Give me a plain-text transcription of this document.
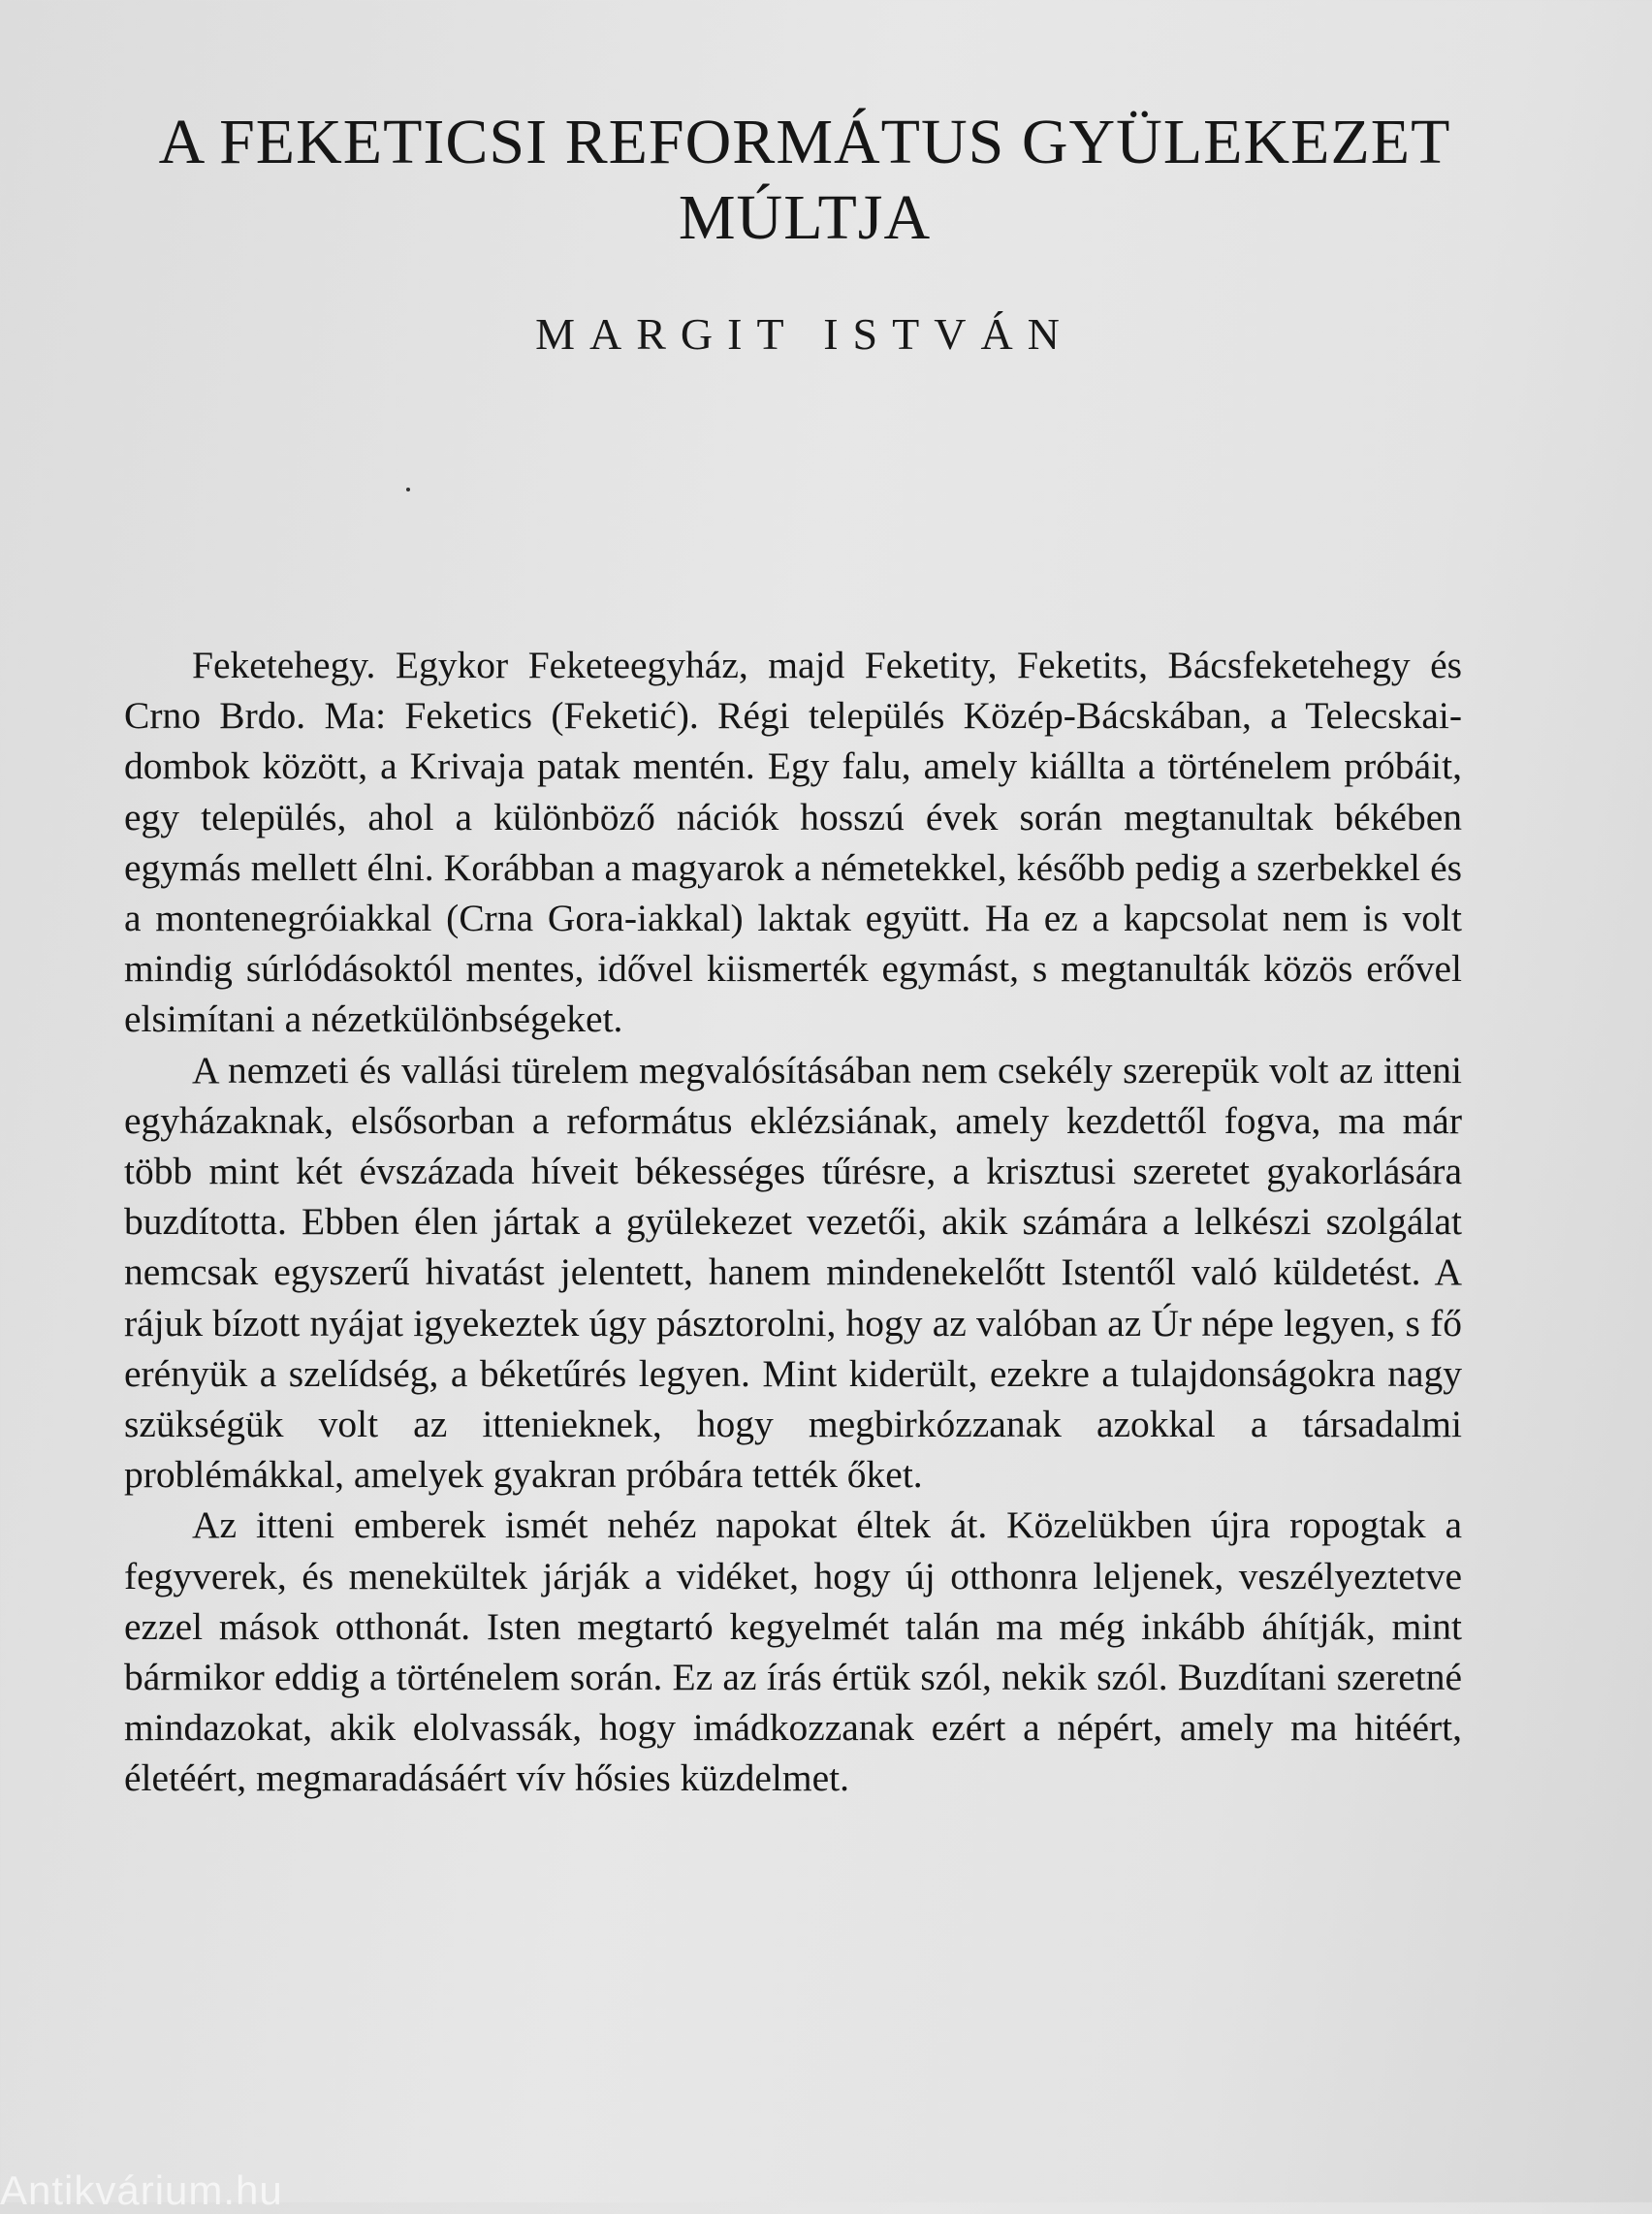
A FEKETICSI REFORMÁTUS GYÜLEKEZET MÚLTJA
MARGIT ISTVÁN

Feketehegy. Egykor Feketeegyház, majd Feketity, Feketits, Bácsfeketehegy és Crno Brdo. Ma: Feketics (Feketić). Régi település Közép-Bácskában, a Telecskai-dombok között, a Krivaja patak mentén. Egy falu, amely kiállta a történelem próbáit, egy település, ahol a különböző nációk hosszú évek során megtanultak békében egymás mellett élni. Korábban a magyarok a németekkel, később pedig a szerbekkel és a montenegróiakkal (Crna Gora-iakkal) laktak együtt. Ha ez a kapcsolat nem is volt mindig súrlódásoktól mentes, idővel kiismerték egymást, s megtanulták közös erővel elsimítani a nézetkülönbségeket.

A nemzeti és vallási türelem megvalósításában nem csekély szerepük volt az itteni egyházaknak, elsősorban a református eklézsiának, amely kezdettől fogva, ma már több mint két évszázada híveit békességes tűrésre, a krisztusi szeretet gyakorlására buzdította. Ebben élen jártak a gyülekezet vezetői, akik számára a lelkészi szolgálat nemcsak egyszerű hivatást jelentett, hanem mindenekelőtt Istentől való küldetést. A rájuk bízott nyájat igyekeztek úgy pásztorolni, hogy az valóban az Úr népe legyen, s fő erényük a szelídség, a béketűrés legyen. Mint kiderült, ezekre a tulajdonságokra nagy szükségük volt az ittenieknek, hogy megbirkózzanak azokkal a társadalmi problémákkal, amelyek gyakran próbára tették őket.

Az itteni emberek ismét nehéz napokat éltek át. Közelükben újra ropogtak a fegyverek, és menekültek járják a vidéket, hogy új otthonra leljenek, veszélyeztetve ezzel mások otthonát. Isten megtartó kegyelmét talán ma még inkább áhítják, mint bármikor eddig a történelem során. Ez az írás értük szól, nekik szól. Buzdítani szeretné mindazokat, akik elolvassák, hogy imádkozzanak ezért a népért, amely ma hitéért, életéért, megmaradásáért vív hősies küzdelmet.

Antikvárium.hu
